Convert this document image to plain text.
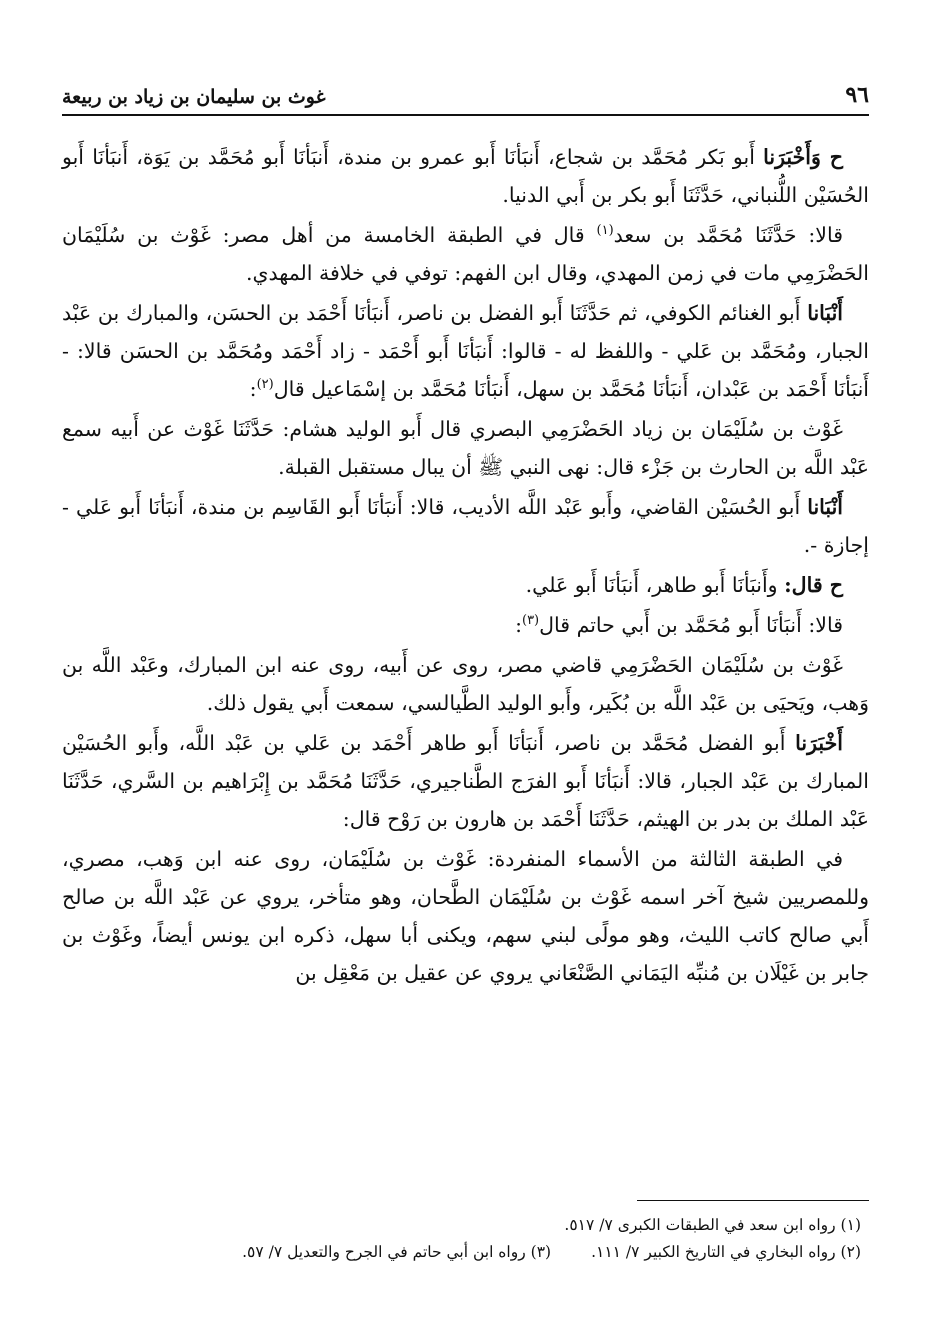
٩٦
غوث بن سليمان بن زياد بن ربيعة

ح وَأَخْبَرَنا أَبو بَكر مُحَمَّد بن شجاع، أَنبَأنَا أَبو عمرو بن مندة، أَنبَأنَا أَبو مُحَمَّد بن يَوَة، أَنبَأنَا أَبو الحُسَيْن اللُّنباني، حَدَّثَنَا أَبو بكر بن أَبي الدنيا.

قالا: حَدَّثَنَا مُحَمَّد بن سعد$^{(١)}$ قال في الطبقة الخامسة من أهل مصر: غَوْث بن سُلَيْمَان الحَضْرَمِي مات في زمن المهدي، وقال ابن الفهم: توفي في خلافة المهدي.

أَنْبَانا أَبو الغنائم الكوفي، ثم حَدَّثَنَا أَبو الفضل بن ناصر، أَنبَأنَا أَحْمَد بن الحسَن، والمبارك بن عَبْد الجبار، ومُحَمَّد بن عَلي - واللفظ له - قالوا: أَنبَأنَا أَبو أَحْمَد - زاد أَحْمَد ومُحَمَّد بن الحسَن قالا: - أَنبَأنَا أَحْمَد بن عَبْدان، أَنبَأنَا مُحَمَّد بن سهل، أَنبَأنَا مُحَمَّد بن إسْمَاعيل قال$^{(٢)}$:

غَوْث بن سُلَيْمَان بن زياد الحَضْرَمِي البصري قال أَبو الوليد هشام: حَدَّثَنَا غَوْث عن أَبيه سمع عَبْد اللَّه بن الحارث بن جَزْء قال: نهى النبي ﷺ أن يبال مستقبل القبلة.

أَنْبَانا أَبو الحُسَيْن القاضي، وأَبو عَبْد اللَّه الأديب، قالا: أَنبَأنَا أَبو القَاسِم بن مندة، أَنبَأنَا أَبو عَلي - إجازة -.

ح قال: وأَنبَأنَا أَبو طاهر، أَنبَأنَا أَبو عَلي.

قالا: أَنبَأنَا أَبو مُحَمَّد بن أَبي حاتم قال$^{(٣)}$:

غَوْث بن سُلَيْمَان الحَضْرَمِي قاضي مصر، روى عن أَبيه، روى عنه ابن المبارك، وعَبْد اللَّه بن وَهب، ويَحيَى بن عَبْد اللَّه بن بُكَير، وأَبو الوليد الطَّيالسي، سمعت أَبي يقول ذلك.

أَخْبَرَنا أَبو الفضل مُحَمَّد بن ناصر، أَنبَأنَا أَبو طاهر أَحْمَد بن عَلي بن عَبْد اللَّه، وأَبو الحُسَيْن المبارك بن عَبْد الجبار، قالا: أَنبَأنَا أَبو الفرَج الطَّناجيري، حَدَّثَنَا مُحَمَّد بن إِبْرَاهيم بن السَّري، حَدَّثَنَا عَبْد الملك بن بدر بن الهيثم، حَدَّثَنَا أَحْمَد بن هارون بن رَوْح قال:

في الطبقة الثالثة من الأسماء المنفردة: غَوْث بن سُلَيْمَان، روى عنه ابن وَهب، مصري، وللمصريين شيخ آخر اسمه غَوْث بن سُلَيْمَان الطَّحان، وهو متأخر، يروي عن عَبْد اللَّه بن صالح أَبي صالح كاتب الليث، وهو مولًى لبني سهم، ويكنى أبا سهل، ذكره ابن يونس أيضاً، وغَوْث بن جابر بن غَيْلَان بن مُنبِّه اليَمَاني الصَّنْعَاني يروي عن عقيل بن مَعْقِل بن

(١) رواه ابن سعد في الطبقات الكبرى ٧/ ٥١٧.
(٢) رواه البخاري في التاريخ الكبير ٧/ ١١١.
(٣) رواه ابن أبي حاتم في الجرح والتعديل ٧/ ٥٧.
